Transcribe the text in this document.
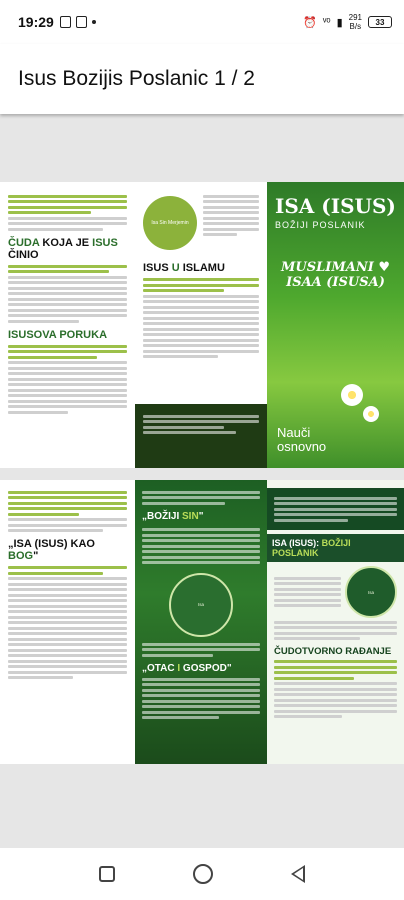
19:29	⏰ ᵛᵒ ▮ 291
B/s	33
Isus Bozijis Poslanic 1 / 2
ČUDA KOJA JE ISUS ČINIO
ISUSOVA PORUKA
Isa Sin Merjemin
ISUS U ISLAMU
ISA (ISUS)
BOŽIJI POSLANIK
MUSLIMANI ♥ ISAA (ISUSA)
Nauči
osnovno
„ISA (ISUS) KAO BOG"
„BOŽIJI SIN"
Isa
„OTAC I GOSPOD"
ISA (ISUS): BOŽIJI POSLANIK
Isa
ČUDOTVORNO RAĐANJE
